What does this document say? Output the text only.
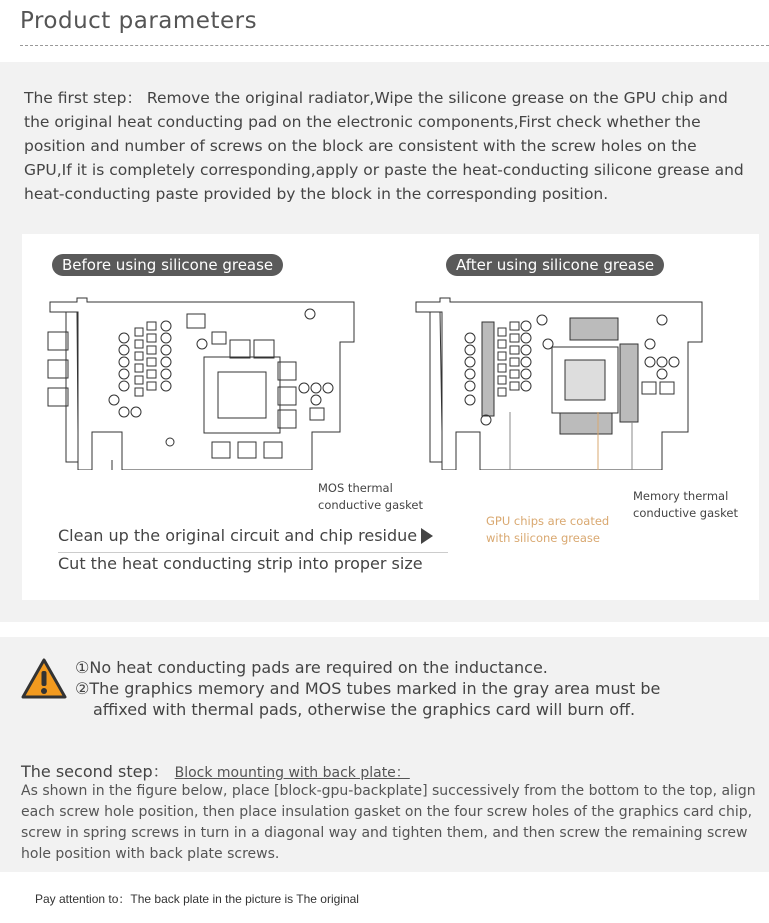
Product parameters

The first step： Remove the original radiator,Wipe the silicone grease on the GPU chip and the original heat conducting pad on the electronic components,First check whether the position and number of screws on the block are consistent with the screw holes on the GPU,If it is completely corresponding,apply or paste the heat-conducting silicone grease and heat-conducting paste provided by the block in the corresponding position.

Before using silicone grease	After using silicone grease
MOS thermal
conductive gasket
GPU chips are coated
with silicone grease
Memory thermal
conductive gasket
Clean up the original circuit and chip residue
Cut the heat conducting strip into proper size
①No heat conducting pads are required on the inductance.
②The graphics memory and MOS tubes marked in the gray area must be
affixed with thermal pads, otherwise the graphics card will burn off.
The second step： Block mounting with back plate：

As shown in the figure below, place [block-gpu-backplate] successively from the bottom to the top, align each screw hole position, then place insulation gasket on the four screw holes of the graphics card chip, screw in spring screws in turn in a diagonal way and tighten them, and then screw the remaining screw hole position with back plate screws.

Pay attention to：The back plate in the picture is The original
